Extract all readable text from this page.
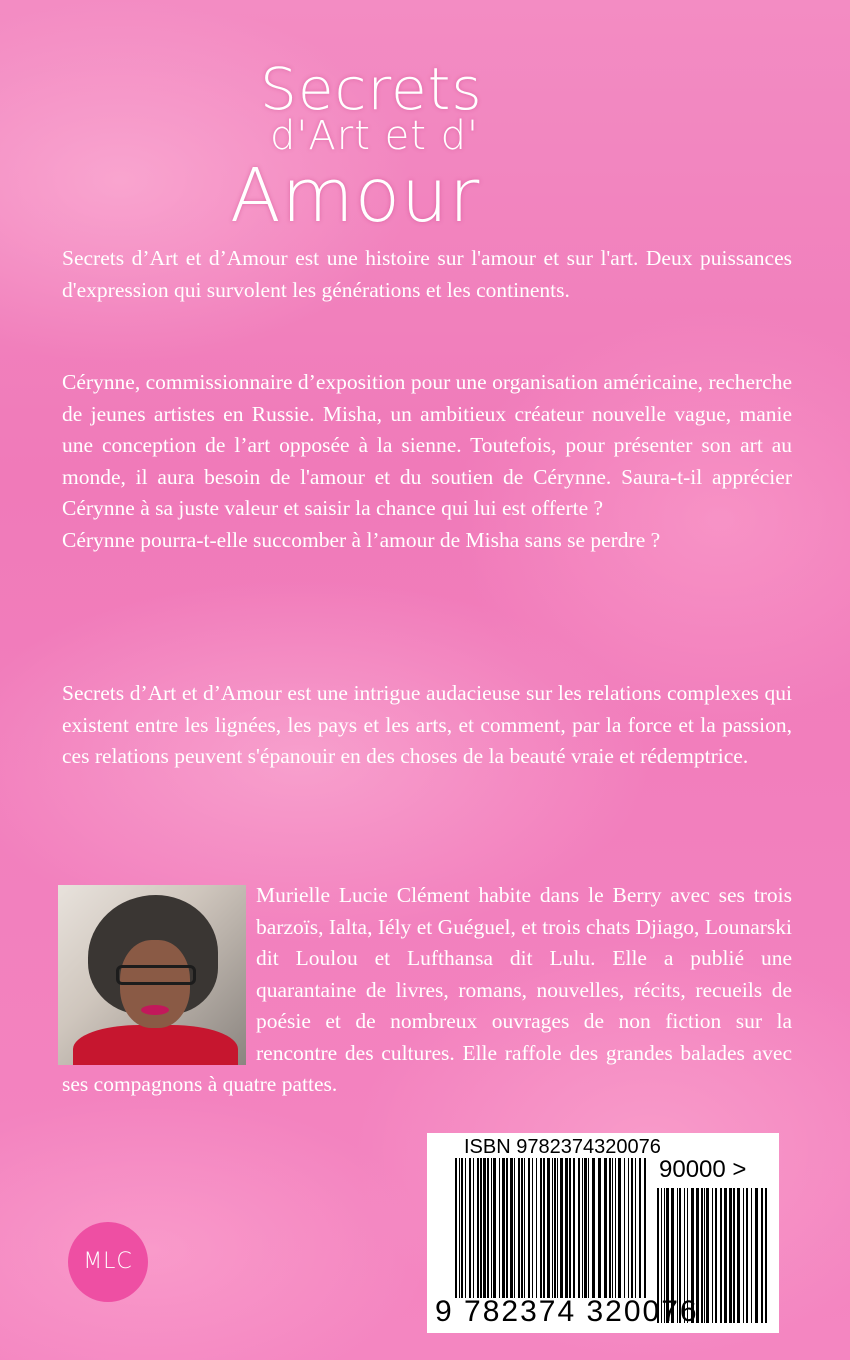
Secrets
d'Art et d'
Amour

Secrets d’Art et d’Amour est une histoire sur l'amour et sur l'art. Deux puissances d'expression qui survolent les générations et les continents.

Cérynne, commissionnaire d’exposition pour une organisation américaine, recherche de jeunes artistes en Russie. Misha, un ambitieux créateur nouvelle vague, manie une conception de l’art opposée à la sienne. Toutefois, pour présenter son art au monde, il aura besoin de l'amour et du soutien de Cérynne. Saura-t-il apprécier Cérynne à sa juste valeur et saisir la chance qui lui est offerte ?
Cérynne pourra-t-elle succomber à l’amour de Misha sans se perdre ?

Secrets d’Art et d’Amour est une intrigue audacieuse sur les relations complexes qui existent entre les lignées, les pays et les arts, et comment, par la force et la passion, ces relations peuvent s'épanouir en des choses de la beauté vraie et rédemptrice.

Murielle Lucie Clément habite dans le Berry avec ses trois barzoïs, Ialta, Iély et Guéguel, et trois chats Djiago, Lounarski dit Loulou et Lufthansa dit Lulu. Elle a publié une quarantaine de livres, romans, nouvelles, récits, recueils de poésie et de nombreux ouvrages de non fiction sur la rencontre des cultures. Elle raffole des grandes balades avec ses compagnons à quatre pattes.
ISBN 9782374320076
90000 >
9 782374 320076
MLC
